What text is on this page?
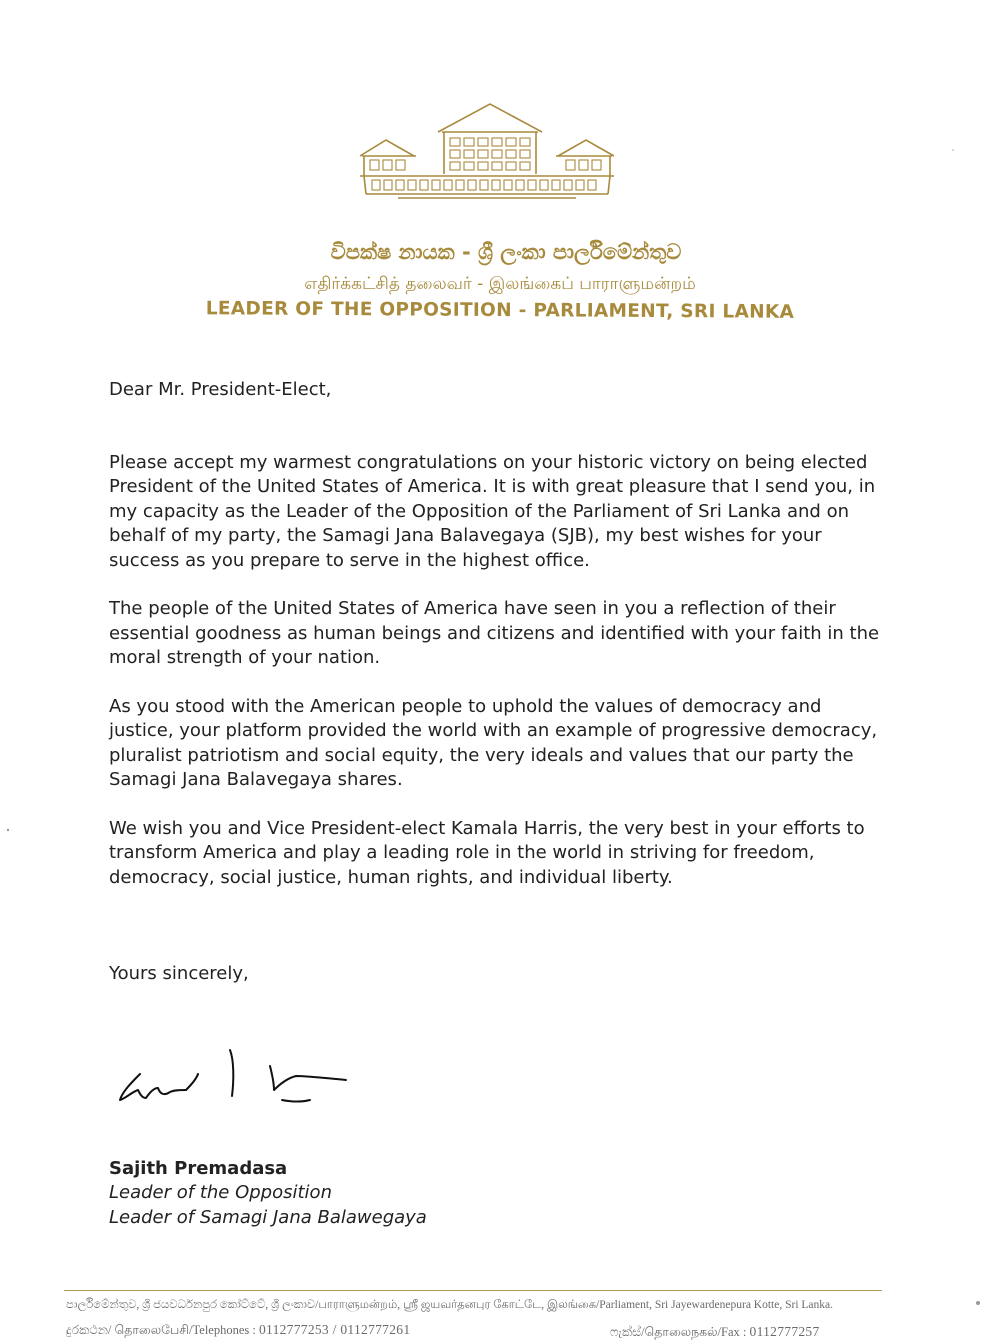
විපක්ෂ නායක - ශ්‍රී ලංකා පාර්ලිමේන්තුව
எதிர்க்கட்சித் தலைவர் - இலங்கைப் பாராளுமன்றம்
LEADER OF THE OPPOSITION - PARLIAMENT, SRI LANKA
Dear Mr. President-Elect,

Please accept my warmest congratulations on your historic victory on being elected President of the United States of America. It is with great pleasure that I send you, in my capacity as the Leader of the Opposition of the Parliament of Sri Lanka and on behalf of my party, the Samagi Jana Balavegaya (SJB), my best wishes for your success as you prepare to serve in the highest office.

The people of the United States of America have seen in you a reflection of their essential goodness as human beings and citizens and identified with your faith in the moral strength of your nation.

As you stood with the American people to uphold the values of democracy and justice, your platform provided the world with an example of progressive democracy, pluralist patriotism and social equity, the very ideals and values that our party the Samagi Jana Balavegaya shares.

We wish you and Vice President-elect Kamala Harris, the very best in your efforts to transform America and play a leading role in the world in striving for freedom, democracy, social justice, human rights, and individual liberty.

Yours sincerely,
Sajith Premadasa
Leader of the Opposition
Leader of Samagi Jana Balawegaya
පාර්ලිමේන්තුව, ශ්‍රී ජයවර්ධනපුර කෝට්ටේ, ශ්‍රී ලංකාව/பாராளுமன்றம், ஸ்ரீ ஜயவர்தனபுர கோட்டே, இலங்கை/Parliament, Sri Jayewardenepura Kotte, Sri Lanka.
දුරකථන/ தொலைபேசி/Telephones : 0112777253 / 0112777261	ෆැක්ස්/தொலைநகல்/Fax : 0112777257
